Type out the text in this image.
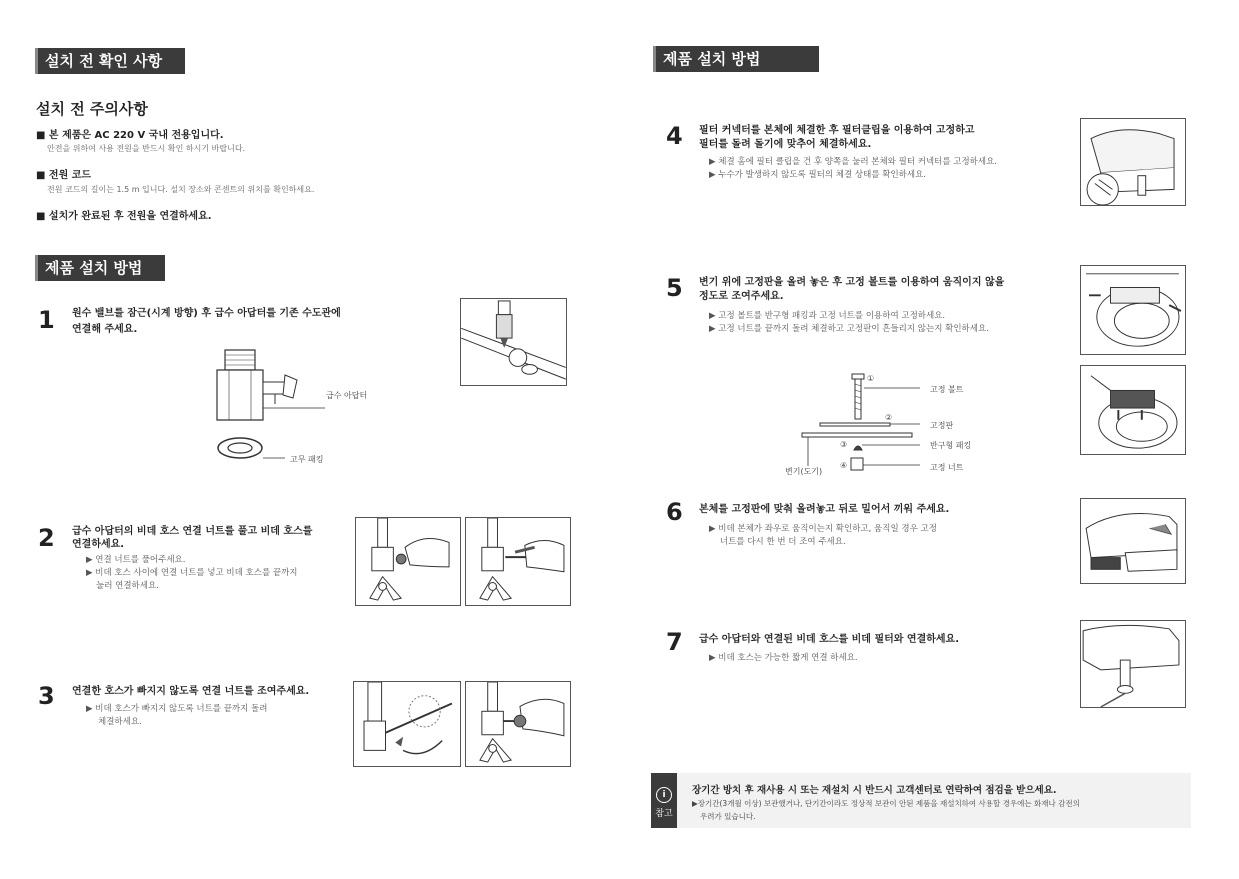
설치 전 확인 사항
설치 전 주의사항
■ 본 제품은 AC 220 V 국내 전용입니다.
안전을 위하여 사용 전원을 반드시 확인 하시기 바랍니다.
■ 전원 코드
전원 코드의 길이는 1.5 m 입니다. 설치 장소와 콘센트의 위치를 확인하세요.
■ 설치가 완료된 후 전원을 연결하세요.
제품 설치 방법
1 원수 밸브를 잠근(시계 방향) 후 급수 아답터를 기존 수도관에
연결해 주세요.
급수 아답터
고무 패킹
2 급수 아답터의 비데 호스 연결 너트를 풀고 비데 호스를
연결하세요.
▶ 연결 너트를 풀어주세요.
▶ 비데 호스 사이에 연결 너트를 넣고 비데 호스를 끝까지
눌러 연결하세요.
3 연결한 호스가 빠지지 않도록 연결 너트를 조여주세요.
▶ 비데 호스가 빠지지 않도록 너트를 끝까지 돌려
체결하세요.
제품 설치 방법
4 필터 커넥터를 본체에 체결한 후 필터클립을 이용하여 고정하고
필터를 돌려 돌기에 맞추어 체결하세요.
▶ 체결 홈에 필터 클립을 건 후 양쪽을 눌러 본체와 필터 커넥터를 고정하세요.
▶ 누수가 발생하지 않도록 필터의 체결 상태를 확인하세요.
5 변기 위에 고정판을 올려 놓은 후 고정 볼트를 이용하여 움직이지 않을
정도로 조여주세요.
▶ 고정 볼트를 반구형 패킹과 고정 너트를 이용하여 고정하세요.
▶ 고정 너트를 끝까지 돌려 체결하고 고정판이 흔들리지 않는지 확인하세요.
①
고정 볼트
②
고정판
③	반구형 패킹
④	고정 너트
변기(도기)
6 본체를 고정판에 맞춰 올려놓고 뒤로 밀어서 끼워 주세요.
▶ 비데 본체가 좌우로 움직이는지 확인하고, 움직일 경우 고정
너트를 다시 한 번 더 조여 주세요.
7 급수 아답터와 연결된 비데 호스를 비데 필터와 연결하세요.
▶ 비데 호스는 가능한 짧게 연결 하세요.
i
참고
장기간 방치 후 재사용 시 또는 재설치 시 반드시 고객센터로 연락하여 점검을 받으세요.
▶장기간(3개월 이상) 보관했거나, 단기간이라도 정상적 보관이 안된 제품을 재설치하여 사용할 경우에는 화재나 감전의
우려가 있습니다.
